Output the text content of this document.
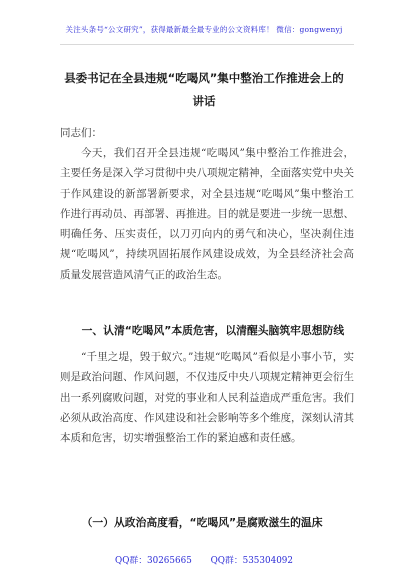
关注头条号“公文研究”，获得最新最全最专业的公文资料库！ 微信：gongwenyj
县委书记在全县违规“吃喝风”集中整治工作推进会上的
讲话
同志们：

今天，我们召开全县违规“吃喝风”集中整治工作推进会，主要任务是深入学习贯彻中央八项规定精神，全面落实党中央关于作风建设的新部署新要求，对全县违规“吃喝风”集中整治工作进行再动员、再部署、再推进。目的就是要进一步统一思想、明确任务、压实责任，以刀刃向内的勇气和决心，坚决刹住违规“吃喝风”，持续巩固拓展作风建设成效，为全县经济社会高质量发展营造风清气正的政治生态。

一、认清“吃喝风”本质危害，以清醒头脑筑牢思想防线

“千里之堤，毁于蚁穴。”违规“吃喝风”看似是小事小节，实则是政治问题、作风问题，不仅违反中央八项规定精神更会衍生出一系列腐败问题，对党的事业和人民利益造成严重危害。我们必须从政治高度、作风建设和社会影响等多个维度，深刻认清其本质和危害，切实增强整治工作的紧迫感和责任感。

（一）从政治高度看，“吃喝风”是腐败滋生的温床

QQ群：30265665 QQ群：535304092
